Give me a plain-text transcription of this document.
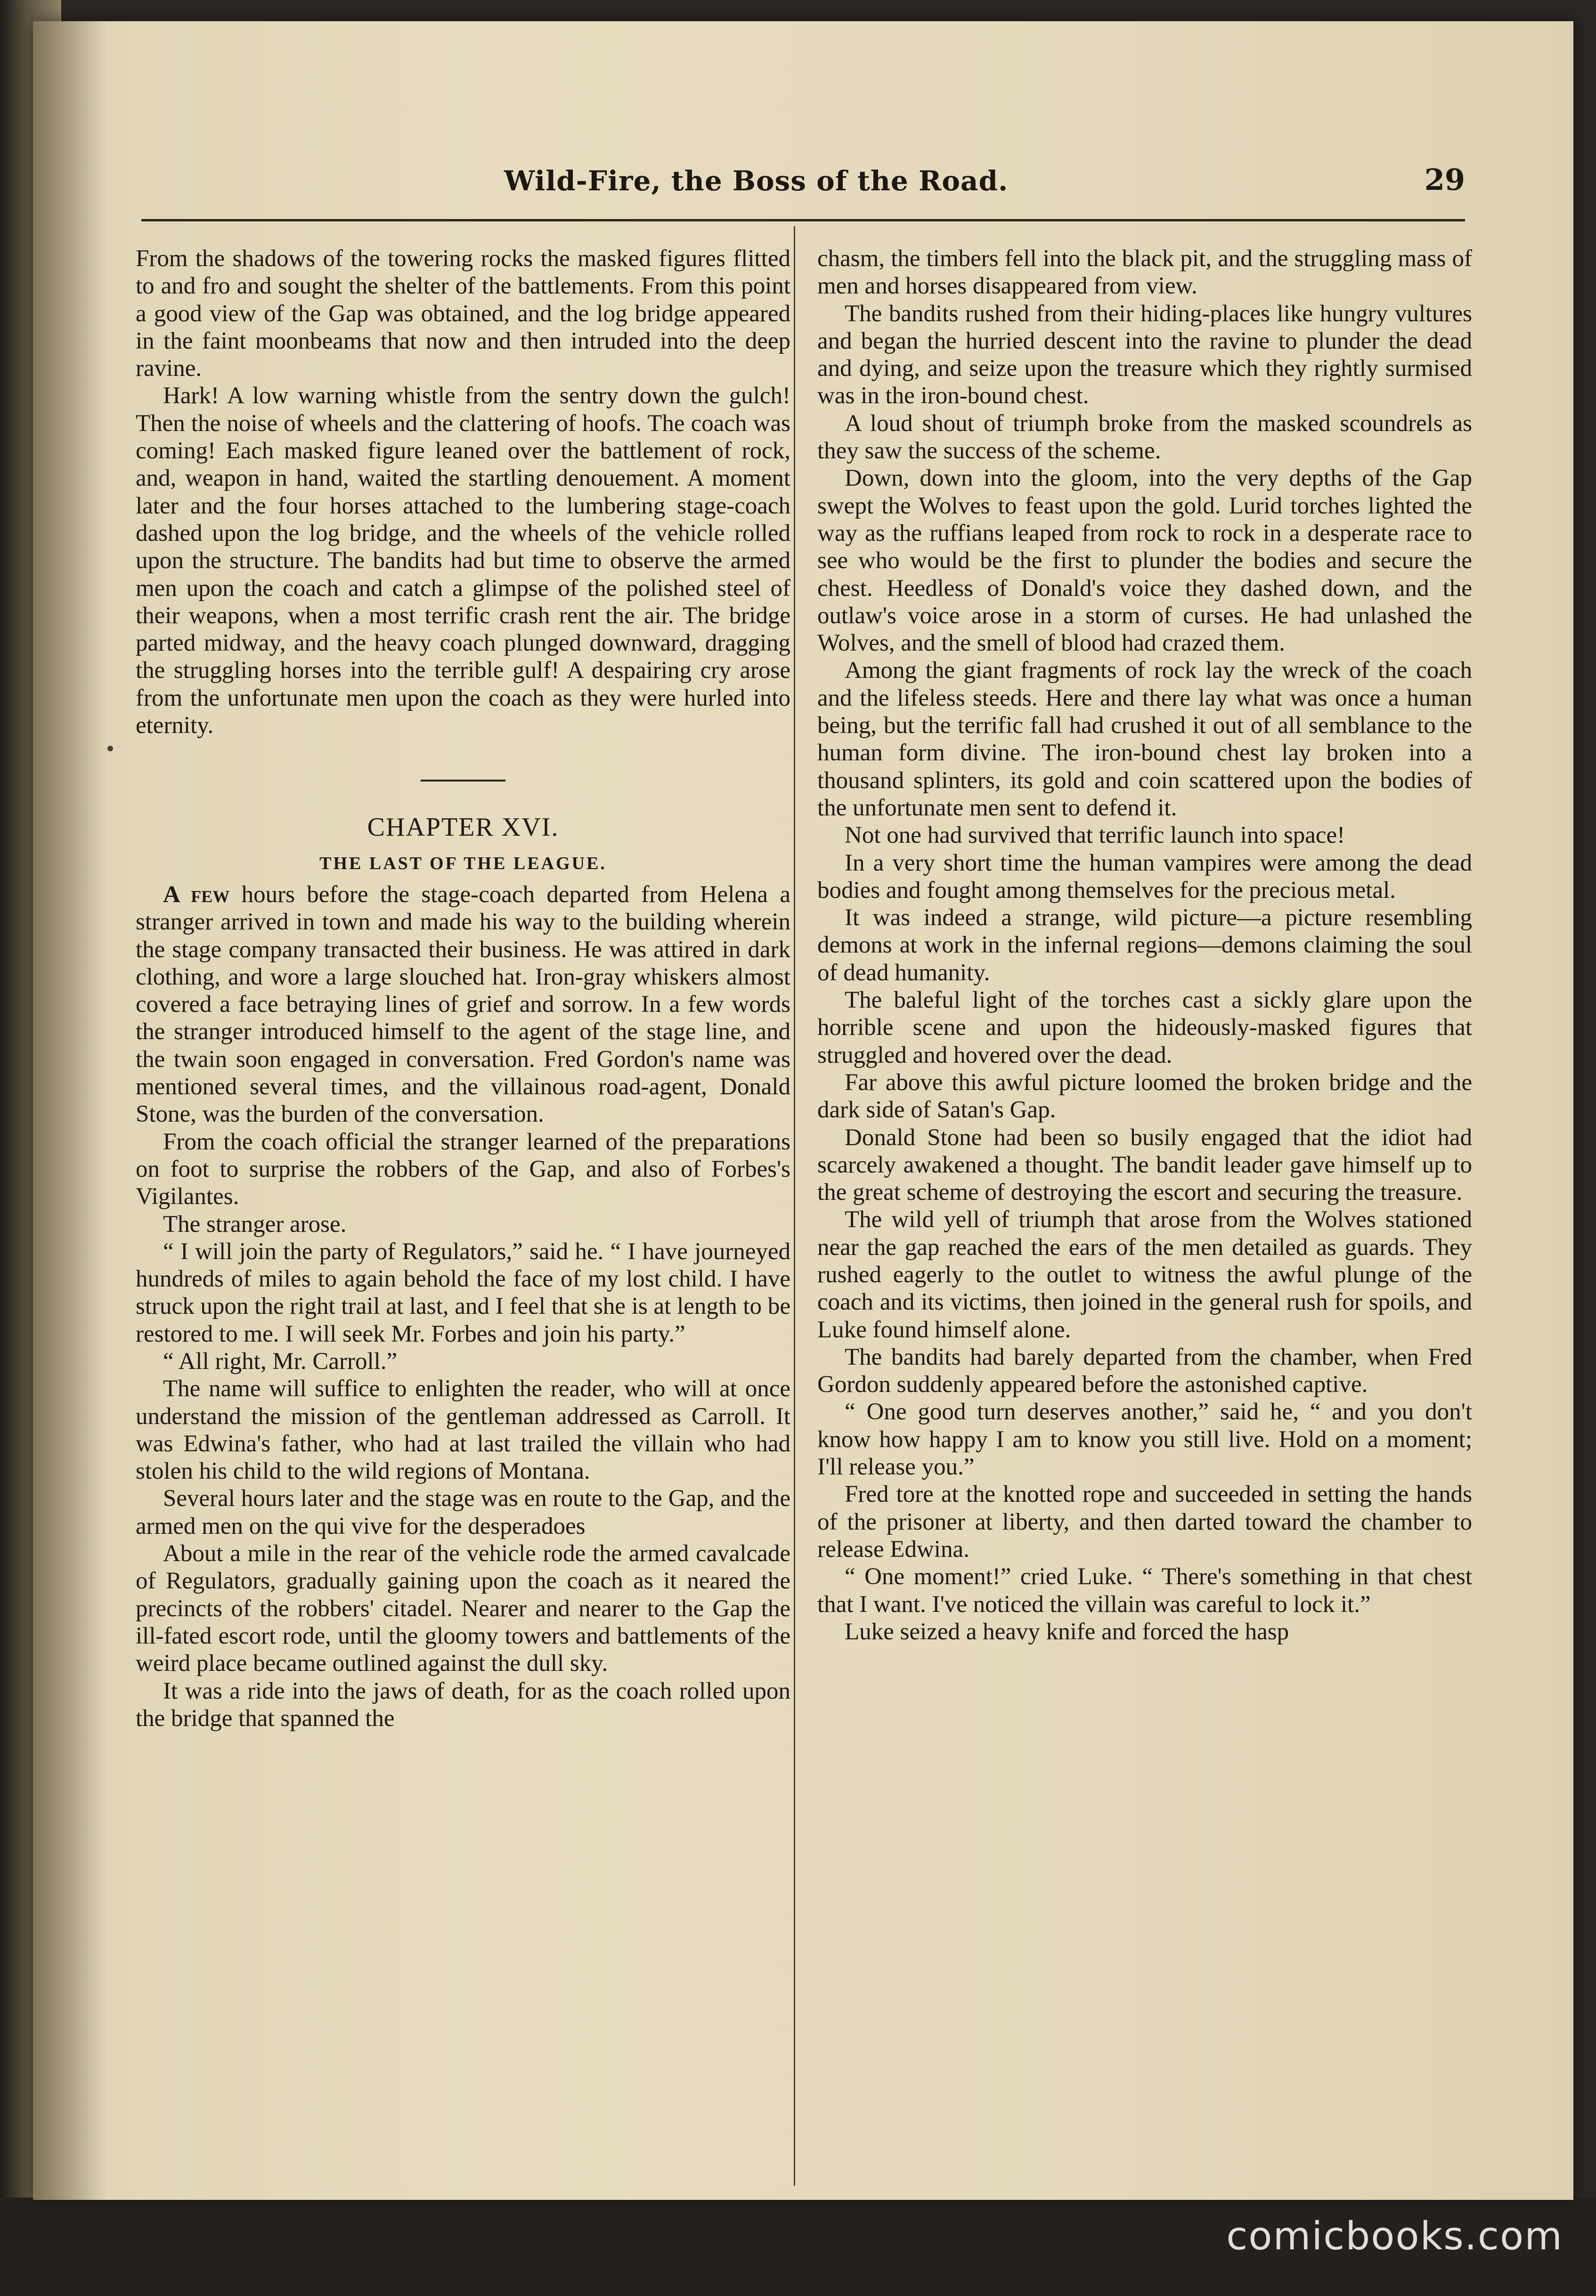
Wild-Fire, the Boss of the Road.	29

From the shadows of the towering rocks the masked figures flitted to and fro and sought the shelter of the battlements. From this point a good view of the Gap was obtained, and the log bridge appeared in the faint moonbeams that now and then intruded into the deep ravine.

Hark! A low warning whistle from the sentry down the gulch! Then the noise of wheels and the clattering of hoofs. The coach was coming! Each masked figure leaned over the battlement of rock, and, weapon in hand, waited the startling denouement. A moment later and the four horses attached to the lumbering stage-coach dashed upon the log bridge, and the wheels of the vehicle rolled upon the structure. The bandits had but time to observe the armed men upon the coach and catch a glimpse of the polished steel of their weapons, when a most terrific crash rent the air. The bridge parted midway, and the heavy coach plunged downward, dragging the struggling horses into the terrible gulf! A despairing cry arose from the unfortunate men upon the coach as they were hurled into eternity.

CHAPTER XVI.
THE LAST OF THE LEAGUE.

A few hours before the stage-coach departed from Helena a stranger arrived in town and made his way to the building wherein the stage company transacted their business. He was attired in dark clothing, and wore a large slouched hat. Iron-gray whiskers almost covered a face betraying lines of grief and sorrow. In a few words the stranger introduced himself to the agent of the stage line, and the twain soon engaged in conversation. Fred Gordon's name was mentioned several times, and the villainous road-agent, Donald Stone, was the burden of the conversation.

From the coach official the stranger learned of the preparations on foot to surprise the robbers of the Gap, and also of Forbes's Vigilantes.

The stranger arose.

“ I will join the party of Regulators,” said he. “ I have journeyed hundreds of miles to again behold the face of my lost child. I have struck upon the right trail at last, and I feel that she is at length to be restored to me. I will seek Mr. Forbes and join his party.”

“ All right, Mr. Carroll.”

The name will suffice to enlighten the reader, who will at once understand the mission of the gentleman addressed as Carroll. It was Edwina's father, who had at last trailed the villain who had stolen his child to the wild regions of Montana.

Several hours later and the stage was en route to the Gap, and the armed men on the qui vive for the desperadoes

About a mile in the rear of the vehicle rode the armed cavalcade of Regulators, gradually gaining upon the coach as it neared the precincts of the robbers' citadel. Nearer and nearer to the Gap the ill-fated escort rode, until the gloomy towers and battlements of the weird place became outlined against the dull sky.

It was a ride into the jaws of death, for as the coach rolled upon the bridge that spanned the

chasm, the timbers fell into the black pit, and the struggling mass of men and horses disappeared from view.

The bandits rushed from their hiding-places like hungry vultures and began the hurried descent into the ravine to plunder the dead and dying, and seize upon the treasure which they rightly surmised was in the iron-bound chest.

A loud shout of triumph broke from the masked scoundrels as they saw the success of the scheme.

Down, down into the gloom, into the very depths of the Gap swept the Wolves to feast upon the gold. Lurid torches lighted the way as the ruffians leaped from rock to rock in a desperate race to see who would be the first to plunder the bodies and secure the chest. Heedless of Donald's voice they dashed down, and the outlaw's voice arose in a storm of curses. He had unlashed the Wolves, and the smell of blood had crazed them.

Among the giant fragments of rock lay the wreck of the coach and the lifeless steeds. Here and there lay what was once a human being, but the terrific fall had crushed it out of all semblance to the human form divine. The iron-bound chest lay broken into a thousand splinters, its gold and coin scattered upon the bodies of the unfortunate men sent to defend it.

Not one had survived that terrific launch into space!

In a very short time the human vampires were among the dead bodies and fought among themselves for the precious metal.

It was indeed a strange, wild picture—a picture resembling demons at work in the infernal regions—demons claiming the soul of dead humanity.

The baleful light of the torches cast a sickly glare upon the horrible scene and upon the hideously-masked figures that struggled and hovered over the dead.

Far above this awful picture loomed the broken bridge and the dark side of Satan's Gap.

Donald Stone had been so busily engaged that the idiot had scarcely awakened a thought. The bandit leader gave himself up to the great scheme of destroying the escort and securing the treasure.

The wild yell of triumph that arose from the Wolves stationed near the gap reached the ears of the men detailed as guards. They rushed eagerly to the outlet to witness the awful plunge of the coach and its victims, then joined in the general rush for spoils, and Luke found himself alone.

The bandits had barely departed from the chamber, when Fred Gordon suddenly appeared before the astonished captive.

“ One good turn deserves another,” said he, “ and you don't know how happy I am to know you still live. Hold on a moment; I'll release you.”

Fred tore at the knotted rope and succeeded in setting the hands of the prisoner at liberty, and then darted toward the chamber to release Edwina.

“ One moment!” cried Luke. “ There's something in that chest that I want. I've noticed the villain was careful to lock it.”

Luke seized a heavy knife and forced the hasp

comicbooks.com
